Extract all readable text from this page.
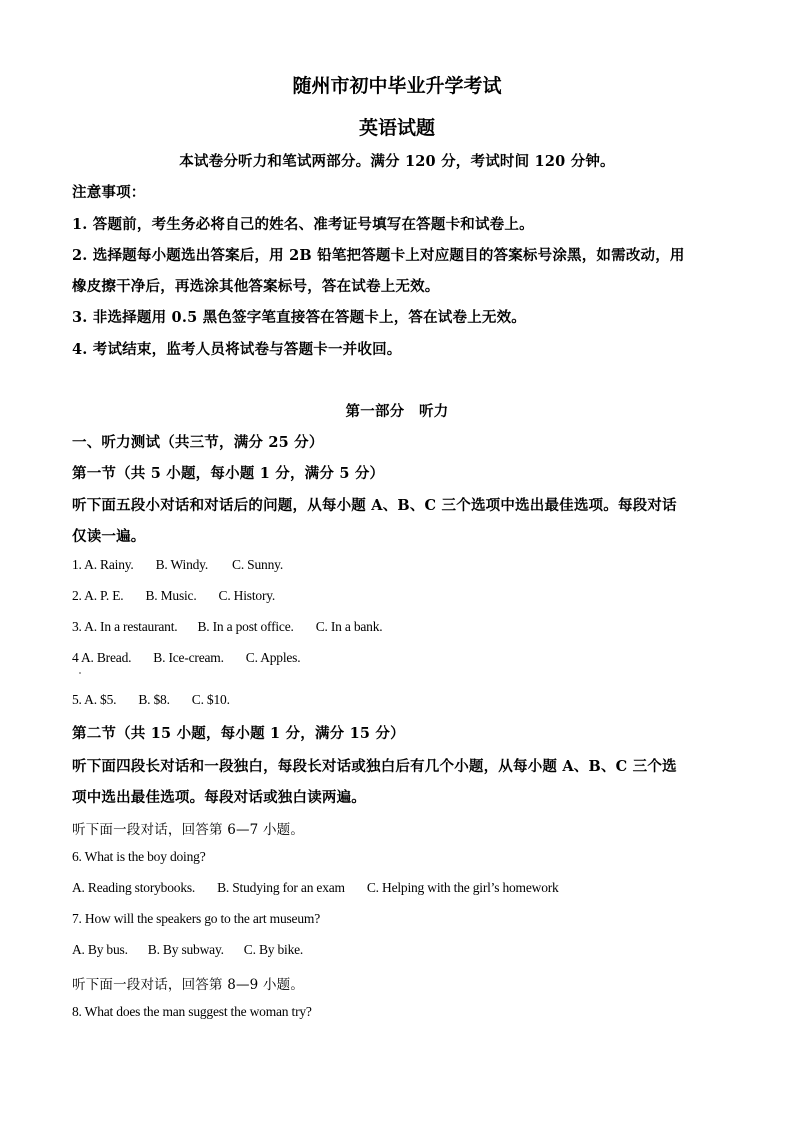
随州市初中毕业升学考试
英语试题
本试卷分听力和笔试两部分。满分 120 分，考试时间 120 分钟。
注意事项：
1. 答题前，考生务必将自己的姓名、准考证号填写在答题卡和试卷上。
2. 选择题每小题选出答案后，用 2B 铅笔把答题卡上对应题目的答案标号涂黑，如需改动，用
橡皮擦干净后，再选涂其他答案标号，答在试卷上无效。
3. 非选择题用 0.5 黑色签字笔直接答在答题卡上，答在试卷上无效。
4. 考试结束，监考人员将试卷与答题卡一并收回。
第一部分　听力
一、听力测试（共三节，满分 25 分）
第一节（共 5 小题，每小题 1 分，满分 5 分）
听下面五段小对话和对话后的问题，从每小题 A、B、C 三个选项中选出最佳选项。每段对话
仅读一遍。
1. A. Rainy. B. Windy. C. Sunny.
2. A. P. E. B. Music. C. History.
3. A. In a restaurant. B. In a post office. C. In a bank.
4 A. Bread. B. Ice-cream. C. Apples.
5. A. $5. B. $8. C. $10.
第二节（共 15 小题，每小题 1 分，满分 15 分）
听下面四段长对话和一段独白，每段长对话或独白后有几个小题，从每小题 A、B、C 三个选
项中选出最佳选项。每段对话或独白读两遍。
听下面一段对话，回答第 6—7 小题。
6. What is the boy doing?
A. Reading storybooks. B. Studying for an exam C. Helping with the girl’s homework
7. How will the speakers go to the art museum?
A. By bus. B. By subway. C. By bike.
听下面一段对话，回答第 8—9 小题。
8. What does the man suggest the woman try?
